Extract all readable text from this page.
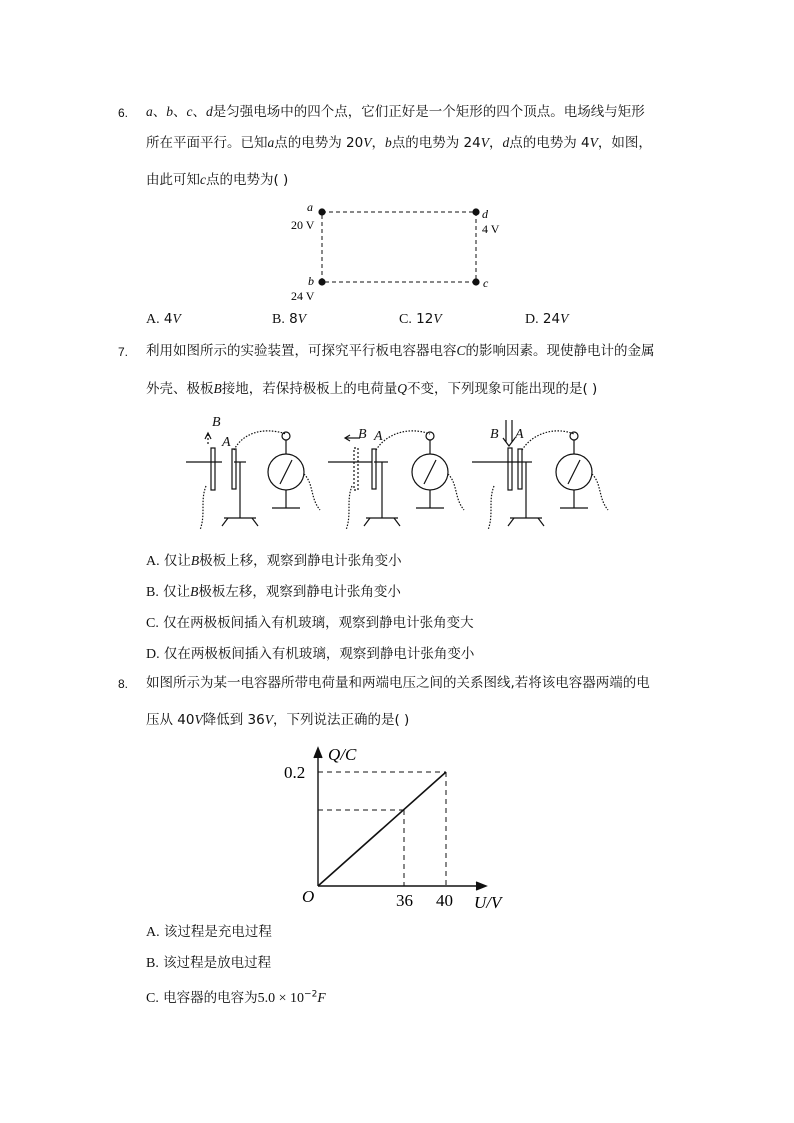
6. a、b、c、d是匀强电场中的四个点，它们正好是一个矩形的四个顶点。电场线与矩形
所在平面平行。已知a点的电势为 20V，b点的电势为 24V，d点的电势为 4V，如图，
由此可知c点的电势为( )
a
20 V
d
4 V
b
24 V
c
A. 4V	B. 8V	C. 12V	D. 24V
7. 利用如图所示的实验装置，可探究平行板电容器电容C的影响因素。现使静电计的金属
外壳、极板B接地，若保持极板上的电荷量Q不变，下列现象可能出现的是( )
B
A
B A	B A
A. 仅让B极板上移，观察到静电计张角变小
B. 仅让B极板左移，观察到静电计张角变小
C. 仅在两极板间插入有机玻璃，观察到静电计张角变大
D. 仅在两极板间插入有机玻璃，观察到静电计张角变小
8. 如图所示为某一电容器所带电荷量和两端电压之间的关系图线,若将该电容器两端的电
压从 40V降低到 36V，下列说法正确的是( )
Q/C
0.2
O	36 40 U/V
A. 该过程是充电过程
B. 该过程是放电过程
C. 电容器的电容为$5.0 \times 10^{-2}F$
